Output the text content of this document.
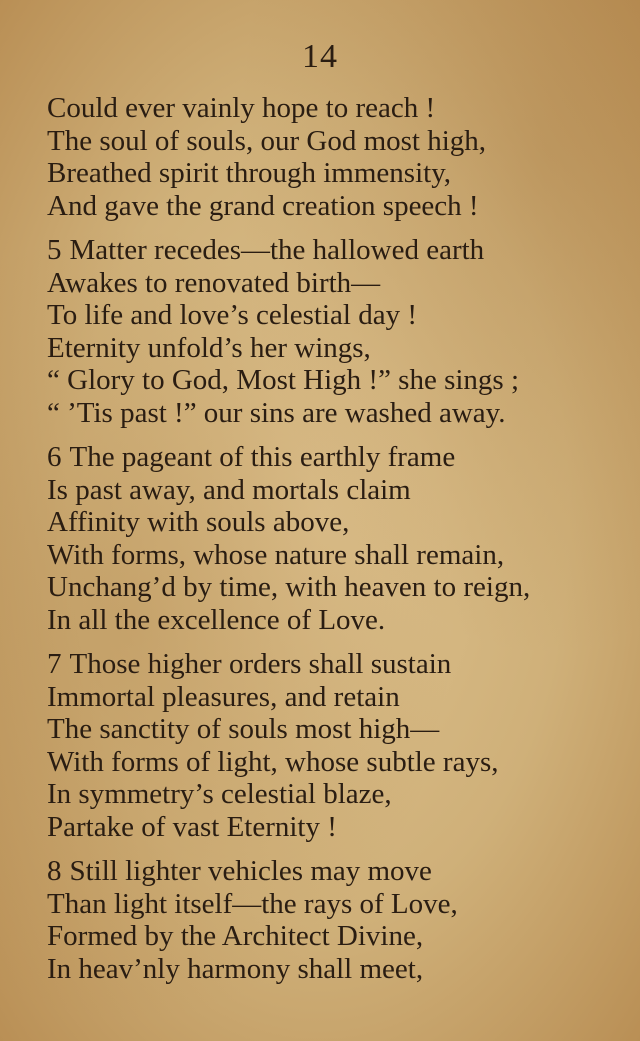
14
Could ever vainly hope to reach !
The soul of souls, our God most high,
Breathed spirit through immensity,
And gave the grand creation speech !
5 Matter recedes—the hallowed earth
Awakes to renovated birth—
To life and love’s celestial day !
Eternity unfold’s her wings,
“ Glory to God, Most High !” she sings ;
“ ’Tis past !” our sins are washed away.
6 The pageant of this earthly frame
Is past away, and mortals claim
Affinity with souls above,
With forms, whose nature shall remain,
Unchang’d by time, with heaven to reign,
In all the excellence of Love.
7 Those higher orders shall sustain
Immortal pleasures, and retain
The sanctity of souls most high—
With forms of light, whose subtle rays,
In symmetry’s celestial blaze,
Partake of vast Eternity !
8 Still lighter vehicles may move
Than light itself—the rays of Love,
Formed by the Architect Divine,
In heav’nly harmony shall meet,
